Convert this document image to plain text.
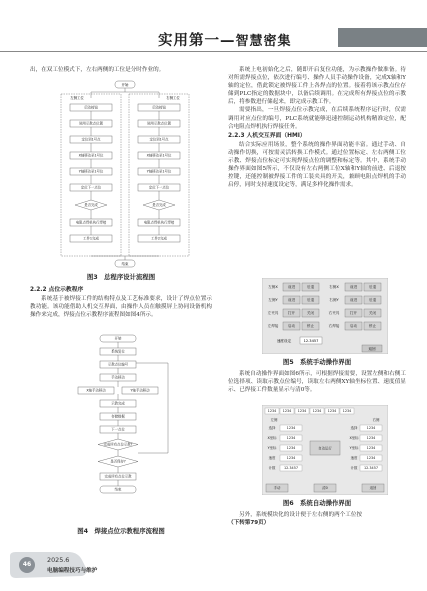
实用第一—智慧密集

出，在双工位模式下，左右两侧的工位是分时作业的。

启动按钮
调用示教点位置
定位到1号点
X轴移动至1号位
Y轴移动至1号位
定位下一点位
是否完成
电阻点焊机执行焊接
工件1完成
启动按钮
调用示教点位置
定位到1号点
X轴移动至1号位
Y轴移动至1号位
定位下一点位
是否完成
电阻点焊机执行焊接
工件2完成
开始
左侧工位	右侧工位
结束
图3　总程序设计流程图
2.2.2 点位示教程序

系统基于被焊接工件的结构特点及工艺标准要求，设计了焊点位置示教功能。该功能借助人机交互界面，由操作人员在触摸屏上协同设备机构操作来完成，焊接点位示教程序流程图如图4所示。

开始
系统复位
示教点位编号
手动移动
X轴手动移动	Y轴手动移动
示教完成
存储数据
下一点位
完成所有点位示教?
是否保存?
完成所有点位示教
结束
图4　焊接点位示教程序流程图

系统上电初始化之后，随即开启复位功能，为示教操作做准备。待对所需焊接点位，依次进行编号、操作人员手动操作设备，完成X轴和Y轴的定位，借此锁定被焊接工件上各焊点的位置。接着将该示教点位存储到PLC指定的数据块中，以备后续调用。在完成所有焊接点位的示教后，将参数进行储起来，即完成示教工作。

需要指出，一旦焊接点位示教完成，在后续系统程序运行时，仅需调用对应点位的编号，PLC系统就能够迅速控制运动机构精准定位，配合电阻点焊机执行焊接任务。

2.2.3 人机交互界面（HMI）

结合实际应用场景，整个系统的操作界面功能丰富。通过手动、自动操作切换，可按需灵活转换工作模式。通过位置标定、左右两侧工位示教、焊接点位标定可实现焊接点位的调整和标定等。其中，系统手动操作界面如图5所示，不仅设有左右两侧工位X轴和Y轴的前进、后退按控键，还能控制被焊接工件的工装夹具的开关，兼顾电阻点焊机的手动启停，同时支持速度设定等，满足多样化操作需求。

左侧X	前进	后退	右侧X	前进	后退
左侧Y	前进	后退	右侧Y	前进	后退
左夹具	打开	关闭	右夹具	打开	关闭
左焊接	启动	停止	右焊接	启动	停止
速度设定	12.3457
返回
图5　系统手动操作界面

系统自动操作界面如图6所示，可根据焊接需要，设置左侧和右侧工位选择项、读取示教点位编号，读取左右两侧XY轴坐标位置、速度值显示、已焊接工件数量显示与清0等。

1234 1234 1234 1234 1234 1234
左侧	右侧
选择	1234	选择	1234
X坐标	1234	X坐标 1234
Y坐标	1234	Y坐标 1234
速度	1234	速度	1234
计数	12.3457	计数 12.3457
自动运行
手动	清0	返回
图6　系统自动操作界面

另外，系统模块化的设计便于左右侧的两个工位按

（下转第79页）

46
2025.6
电脑编程技巧与维护
